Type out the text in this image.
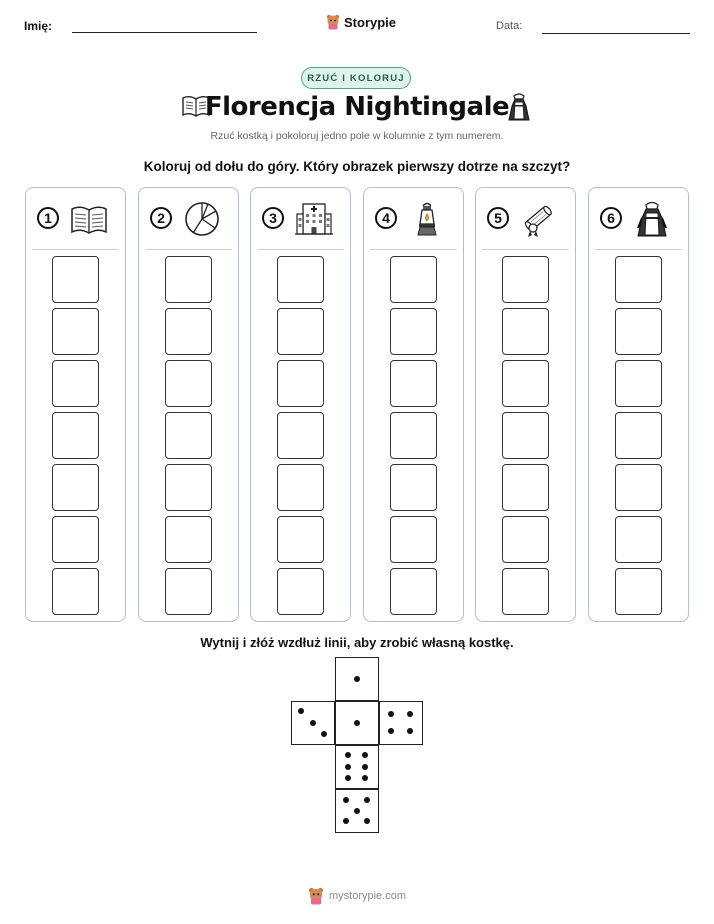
Imię:	Storypie	Data:
RZUĆ I KOLORUJ
Florencja Nightingale
Rzuć kostką i pokoloruj jedno pole w kolumnie z tym numerem.
Koloruj od dołu do góry. Który obrazek pierwszy dotrze na szczyt?
1	2	3	4	5	6
Wytnij i złóż wzdłuż linii, aby zrobić własną kostkę.
mystorypie.com
